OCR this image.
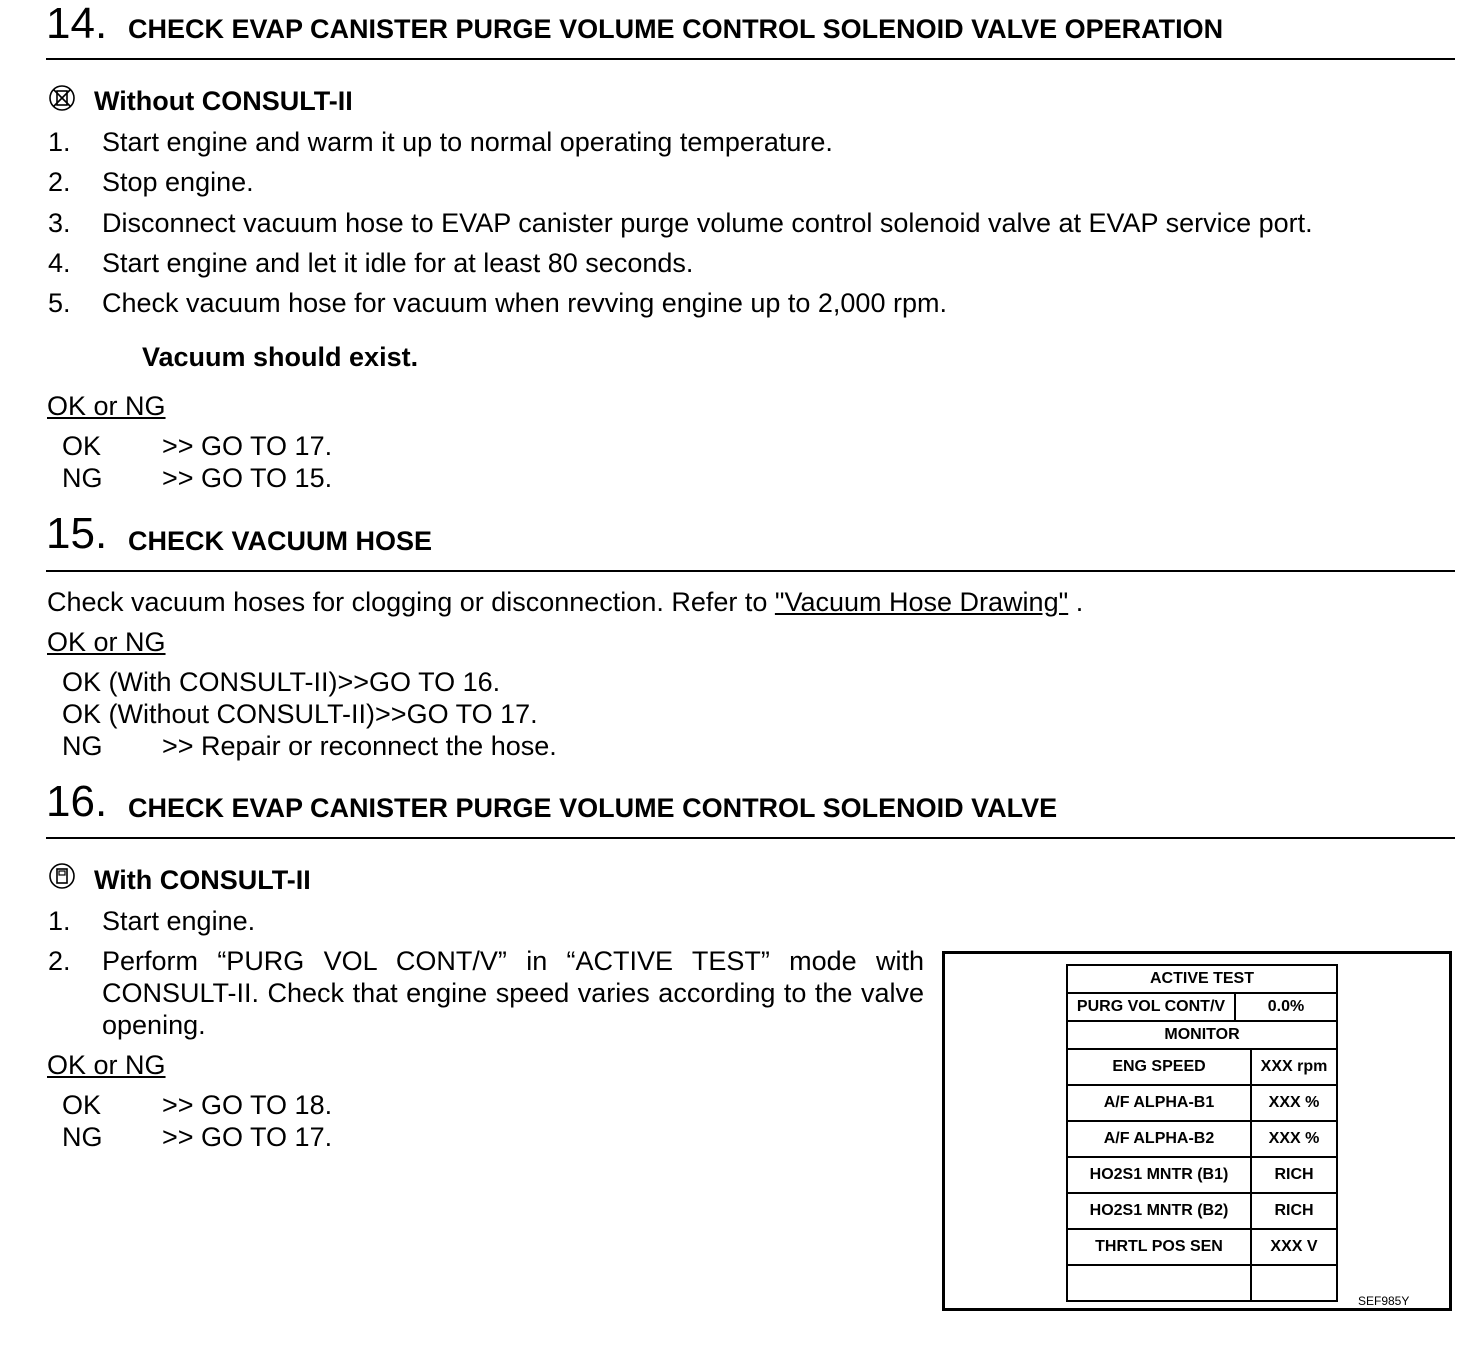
14. CHECK EVAP CANISTER PURGE VOLUME CONTROL SOLENOID VALVE OPERATION
Without CONSULT-II
1. Start engine and warm it up to normal operating temperature.
2. Stop engine.
3. Disconnect vacuum hose to EVAP canister purge volume control solenoid valve at EVAP service port.
4. Start engine and let it idle for at least 80 seconds.
5. Check vacuum hose for vacuum when revving engine up to 2,000 rpm.
Vacuum should exist.
OK or NG
OK >> GO TO 17.
NG >> GO TO 15.
15. CHECK VACUUM HOSE
Check vacuum hoses for clogging or disconnection. Refer to "Vacuum Hose Drawing" .
OK or NG
OK (With CONSULT-II)>>GO TO 16.
OK (Without CONSULT-II)>>GO TO 17.
NG >> Repair or reconnect the hose.
16. CHECK EVAP CANISTER PURGE VOLUME CONTROL SOLENOID VALVE
With CONSULT-II
1. Start engine.
2. Perform “PURG VOL CONT/V” in “ACTIVE TEST” mode with CONSULT-II. Check that engine speed varies according to the valve opening.
OK or NG
OK >> GO TO 18.
NG >> GO TO 17.
ACTIVE TEST		
PURG VOL CONT/V	0.0%	
MONITOR		
ENG SPEED		XXX rpm
A/F ALPHA-B1		XXX %
A/F ALPHA-B2		XXX %
HO2S1 MNTR (B1)		RICH
HO2S1 MNTR (B2)		RICH
THRTL POS SEN		XXX V

SEF985Y
